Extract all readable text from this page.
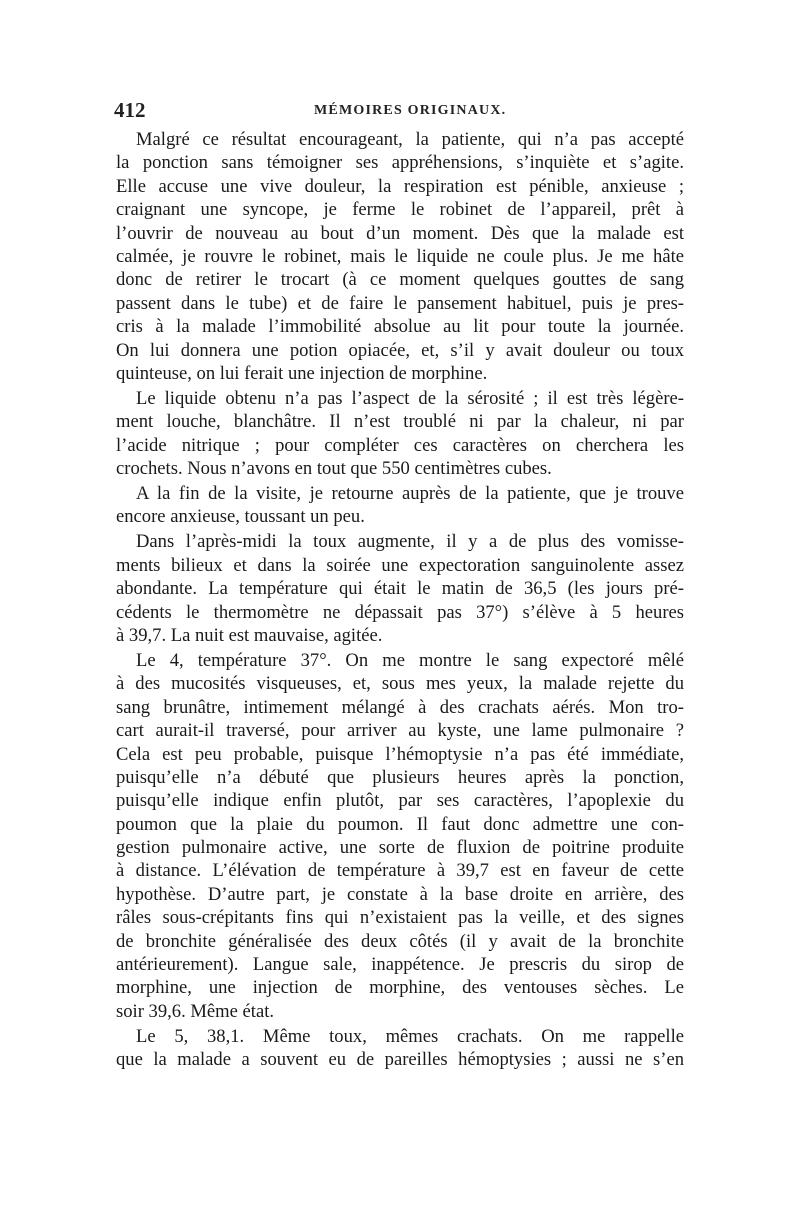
412	MÉMOIRES ORIGINAUX.
Malgré ce résultat encourageant, la patiente, qui n’a pas accepté
la ponction sans témoigner ses appréhensions, s’inquiète et s’agite.
Elle accuse une vive douleur, la respiration est pénible, anxieuse ;
craignant une syncope, je ferme le robinet de l’appareil, prêt à
l’ouvrir de nouveau au bout d’un moment. Dès que la malade est
calmée, je rouvre le robinet, mais le liquide ne coule plus. Je me hâte
donc de retirer le trocart (à ce moment quelques gouttes de sang
passent dans le tube) et de faire le pansement habituel, puis je pres-
cris à la malade l’immobilité absolue au lit pour toute la journée.
On lui donnera une potion opiacée, et, s’il y avait douleur ou toux
quinteuse, on lui ferait une injection de morphine.
Le liquide obtenu n’a pas l’aspect de la sérosité ; il est très légère-
ment louche, blanchâtre. Il n’est troublé ni par la chaleur, ni par
l’acide nitrique ; pour compléter ces caractères on cherchera les
crochets. Nous n’avons en tout que 550 centimètres cubes.
A la fin de la visite, je retourne auprès de la patiente, que je trouve
encore anxieuse, toussant un peu.
Dans l’après-midi la toux augmente, il y a de plus des vomisse-
ments bilieux et dans la soirée une expectoration sanguinolente assez
abondante. La température qui était le matin de 36,5 (les jours pré-
cédents le thermomètre ne dépassait pas 37°) s’élève à 5 heures
à 39,7. La nuit est mauvaise, agitée.
Le 4, température 37°. On me montre le sang expectoré mêlé
à des mucosités visqueuses, et, sous mes yeux, la malade rejette du
sang brunâtre, intimement mélangé à des crachats aérés. Mon tro-
cart aurait-il traversé, pour arriver au kyste, une lame pulmonaire ?
Cela est peu probable, puisque l’hémoptysie n’a pas été immédiate,
puisqu’elle n’a débuté que plusieurs heures après la ponction,
puisqu’elle indique enfin plutôt, par ses caractères, l’apoplexie du
poumon que la plaie du poumon. Il faut donc admettre une con-
gestion pulmonaire active, une sorte de fluxion de poitrine produite
à distance. L’élévation de température à 39,7 est en faveur de cette
hypothèse. D’autre part, je constate à la base droite en arrière, des
râles sous-crépitants fins qui n’existaient pas la veille, et des signes
de bronchite généralisée des deux côtés (il y avait de la bronchite
antérieurement). Langue sale, inappétence. Je prescris du sirop de
morphine, une injection de morphine, des ventouses sèches. Le
soir 39,6. Même état.
Le 5, 38,1. Même toux, mêmes crachats. On me rappelle
que la malade a souvent eu de pareilles hémoptysies ; aussi ne s’en
